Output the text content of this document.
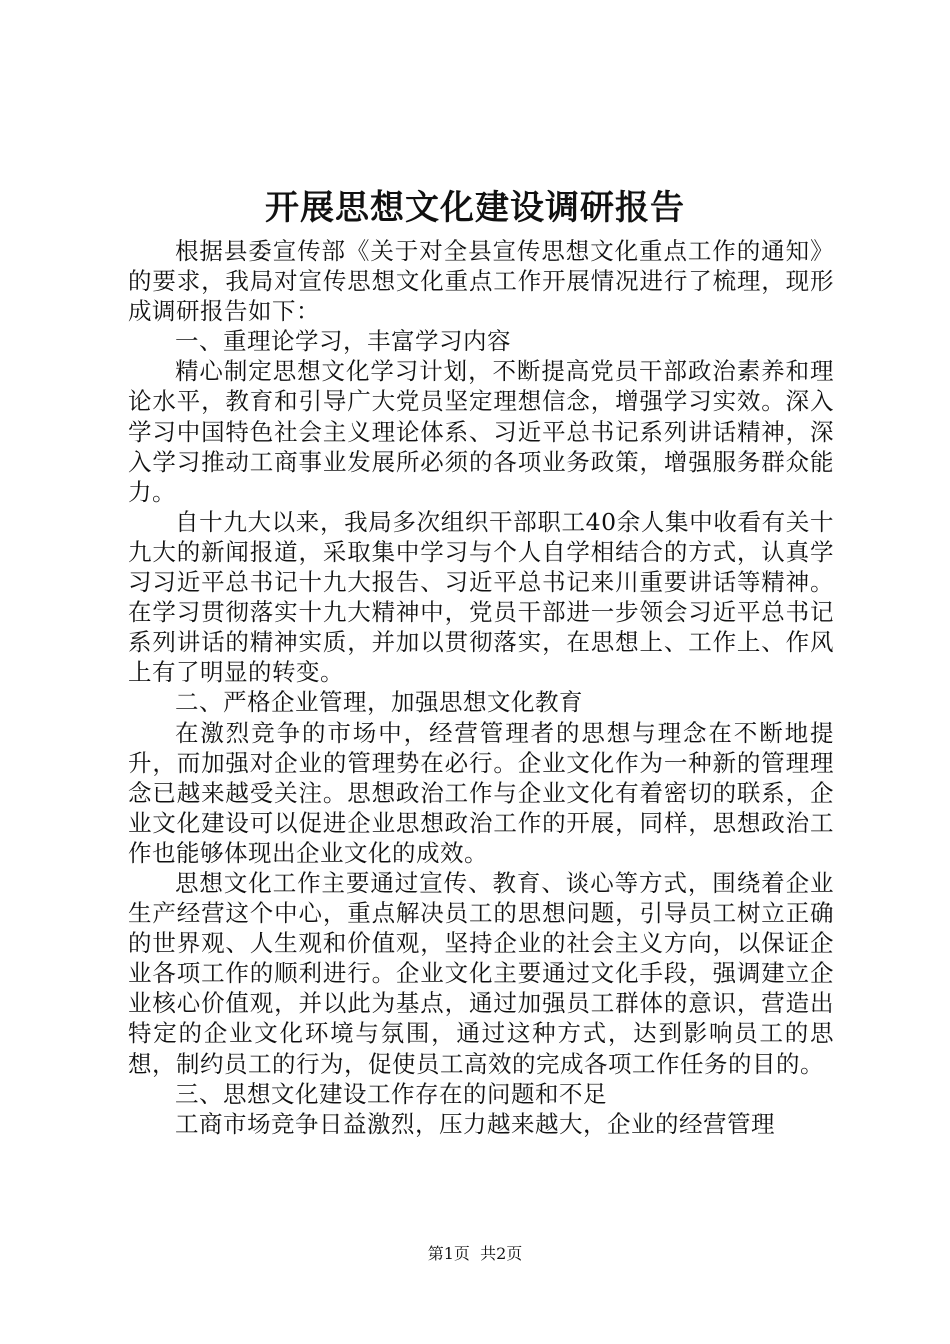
开展思想文化建设调研报告

根据县委宣传部《关于对全县宣传思想文化重点工作的通知》的要求，我局对宣传思想文化重点工作开展情况进行了梳理，现形成调研报告如下：

一、重理论学习，丰富学习内容

精心制定思想文化学习计划，不断提高党员干部政治素养和理论水平，教育和引导广大党员坚定理想信念，增强学习实效。深入学习中国特色社会主义理论体系、习近平总书记系列讲话精神，深入学习推动工商事业发展所必须的各项业务政策，增强服务群众能力。

自十九大以来，我局多次组织干部职工40余人集中收看有关十九大的新闻报道，采取集中学习与个人自学相结合的方式，认真学习习近平总书记十九大报告、习近平总书记来川重要讲话等精神。在学习贯彻落实十九大精神中，党员干部进一步领会习近平总书记系列讲话的精神实质，并加以贯彻落实，在思想上、工作上、作风上有了明显的转变。

二、严格企业管理，加强思想文化教育

在激烈竞争的市场中，经营管理者的思想与理念在不断地提升，而加强对企业的管理势在必行。企业文化作为一种新的管理理念已越来越受关注。思想政治工作与企业文化有着密切的联系，企业文化建设可以促进企业思想政治工作的开展，同样，思想政治工作也能够体现出企业文化的成效。

思想文化工作主要通过宣传、教育、谈心等方式，围绕着企业生产经营这个中心，重点解决员工的思想问题，引导员工树立正确的世界观、人生观和价值观，坚持企业的社会主义方向，以保证企业各项工作的顺利进行。企业文化主要通过文化手段，强调建立企业核心价值观，并以此为基点，通过加强员工群体的意识，营造出特定的企业文化环境与氛围，通过这种方式，达到影响员工的思想，制约员工的行为，促使员工高效的完成各项工作任务的目的。

三、思想文化建设工作存在的问题和不足

工商市场竞争日益激烈，压力越来越大，企业的经营管理

第1页  共2页
